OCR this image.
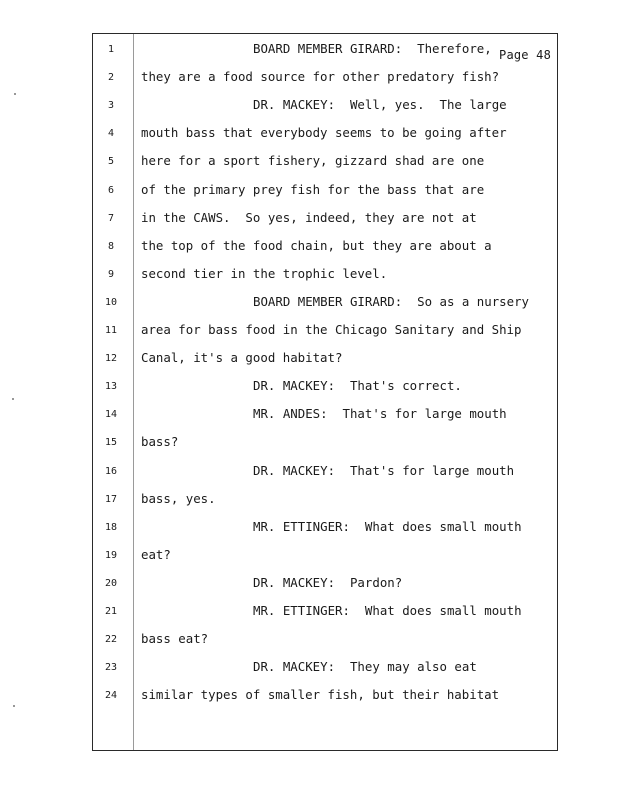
Page 48
1	BOARD MEMBER GIRARD:  Therefore,
2	they are a food source for other predatory fish?
3	DR. MACKEY:  Well, yes.  The large
4	mouth bass that everybody seems to be going after
5	here for a sport fishery, gizzard shad are one
6	of the primary prey fish for the bass that are
7	in the CAWS.  So yes, indeed, they are not at
8	the top of the food chain, but they are about a
9	second tier in the trophic level.
10	BOARD MEMBER GIRARD:  So as a nursery
11	area for bass food in the Chicago Sanitary and Ship
12	Canal, it's a good habitat?
13	DR. MACKEY:  That's correct.
14	MR. ANDES:  That's for large mouth
15	bass?
16	DR. MACKEY:  That's for large mouth
17	bass, yes.
18	MR. ETTINGER:  What does small mouth
19	eat?
20	DR. MACKEY:  Pardon?
21	MR. ETTINGER:  What does small mouth
22	bass eat?
23	DR. MACKEY:  They may also eat
24	similar types of smaller fish, but their habitat
